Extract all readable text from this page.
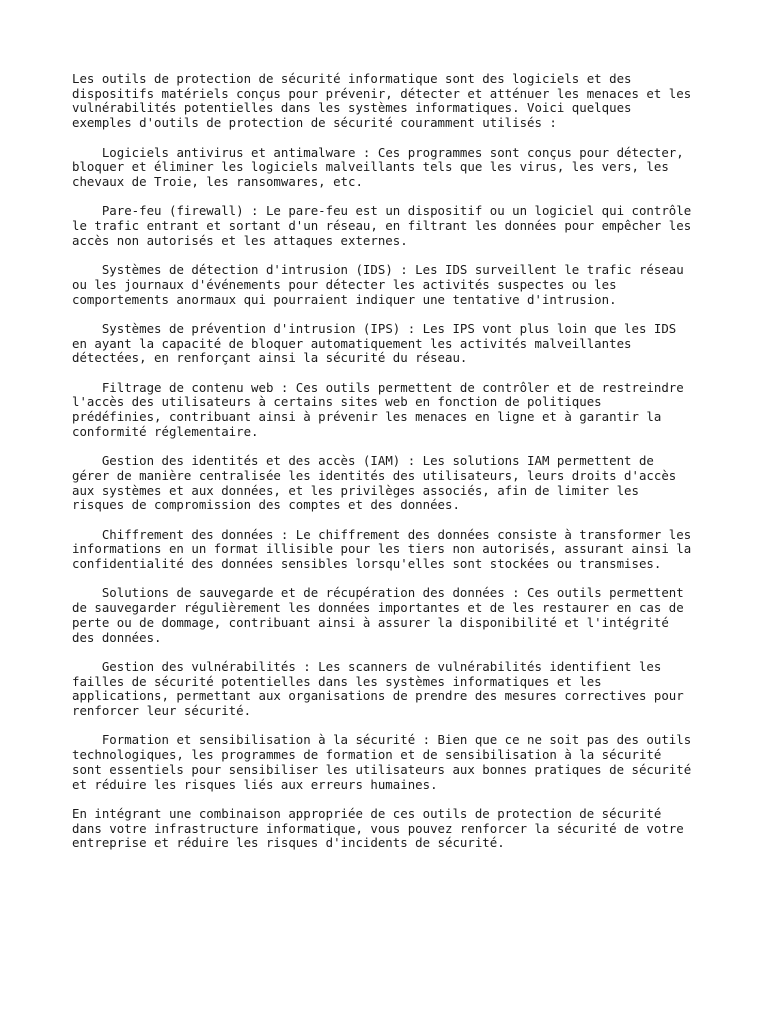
Les outils de protection de sécurité informatique sont des logiciels et des
dispositifs matériels conçus pour prévenir, détecter et atténuer les menaces et les
vulnérabilités potentielles dans les systèmes informatiques. Voici quelques
exemples d'outils de protection de sécurité couramment utilisés :

Logiciels antivirus et antimalware : Ces programmes sont conçus pour détecter,
bloquer et éliminer les logiciels malveillants tels que les virus, les vers, les
chevaux de Troie, les ransomwares, etc.

Pare-feu (firewall) : Le pare-feu est un dispositif ou un logiciel qui contrôle
le trafic entrant et sortant d'un réseau, en filtrant les données pour empêcher les
accès non autorisés et les attaques externes.

Systèmes de détection d'intrusion (IDS) : Les IDS surveillent le trafic réseau
ou les journaux d'événements pour détecter les activités suspectes ou les
comportements anormaux qui pourraient indiquer une tentative d'intrusion.

Systèmes de prévention d'intrusion (IPS) : Les IPS vont plus loin que les IDS
en ayant la capacité de bloquer automatiquement les activités malveillantes
détectées, en renforçant ainsi la sécurité du réseau.

Filtrage de contenu web : Ces outils permettent de contrôler et de restreindre
l'accès des utilisateurs à certains sites web en fonction de politiques
prédéfinies, contribuant ainsi à prévenir les menaces en ligne et à garantir la
conformité réglementaire.

Gestion des identités et des accès (IAM) : Les solutions IAM permettent de
gérer de manière centralisée les identités des utilisateurs, leurs droits d'accès
aux systèmes et aux données, et les privilèges associés, afin de limiter les
risques de compromission des comptes et des données.

Chiffrement des données : Le chiffrement des données consiste à transformer les
informations en un format illisible pour les tiers non autorisés, assurant ainsi la
confidentialité des données sensibles lorsqu'elles sont stockées ou transmises.

Solutions de sauvegarde et de récupération des données : Ces outils permettent
de sauvegarder régulièrement les données importantes et de les restaurer en cas de
perte ou de dommage, contribuant ainsi à assurer la disponibilité et l'intégrité
des données.

Gestion des vulnérabilités : Les scanners de vulnérabilités identifient les
failles de sécurité potentielles dans les systèmes informatiques et les
applications, permettant aux organisations de prendre des mesures correctives pour
renforcer leur sécurité.

Formation et sensibilisation à la sécurité : Bien que ce ne soit pas des outils
technologiques, les programmes de formation et de sensibilisation à la sécurité
sont essentiels pour sensibiliser les utilisateurs aux bonnes pratiques de sécurité
et réduire les risques liés aux erreurs humaines.

En intégrant une combinaison appropriée de ces outils de protection de sécurité
dans votre infrastructure informatique, vous pouvez renforcer la sécurité de votre
entreprise et réduire les risques d'incidents de sécurité.
